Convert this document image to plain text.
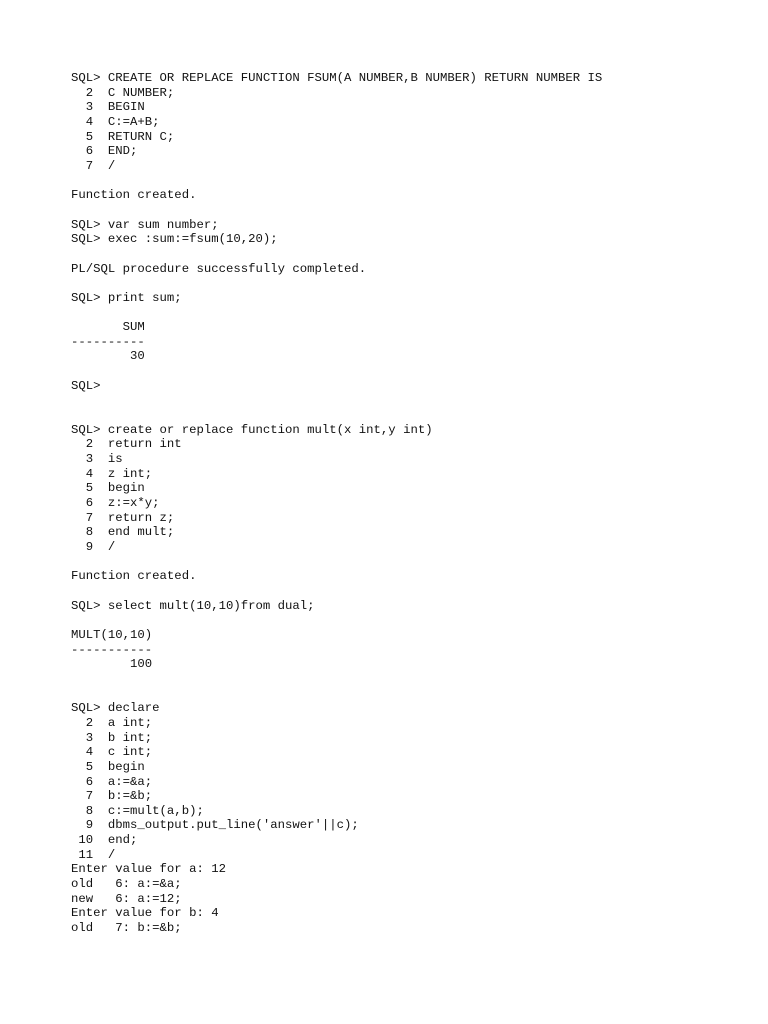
SQL> CREATE OR REPLACE FUNCTION FSUM(A NUMBER,B NUMBER) RETURN NUMBER IS
2  C NUMBER;
3  BEGIN
4  C:=A+B;
5  RETURN C;
6  END;
7  /
Function created.
SQL> var sum number;
SQL> exec :sum:=fsum(10,20);
PL/SQL procedure successfully completed.
SQL> print sum;
SUM
----------
30
SQL>
SQL> create or replace function mult(x int,y int)
2  return int
3  is
4  z int;
5  begin
6  z:=x*y;
7  return z;
8  end mult;
9  /
Function created.
SQL> select mult(10,10)from dual;
MULT(10,10)
-----------
100
SQL> declare
2  a int;
3  b int;
4  c int;
5  begin
6  a:=&a;
7  b:=&b;
8  c:=mult(a,b);
9  dbms_output.put_line('answer'||c);
10  end;
11  /
Enter value for a: 12
old   6: a:=&a;
new   6: a:=12;
Enter value for b: 4
old   7: b:=&b;
